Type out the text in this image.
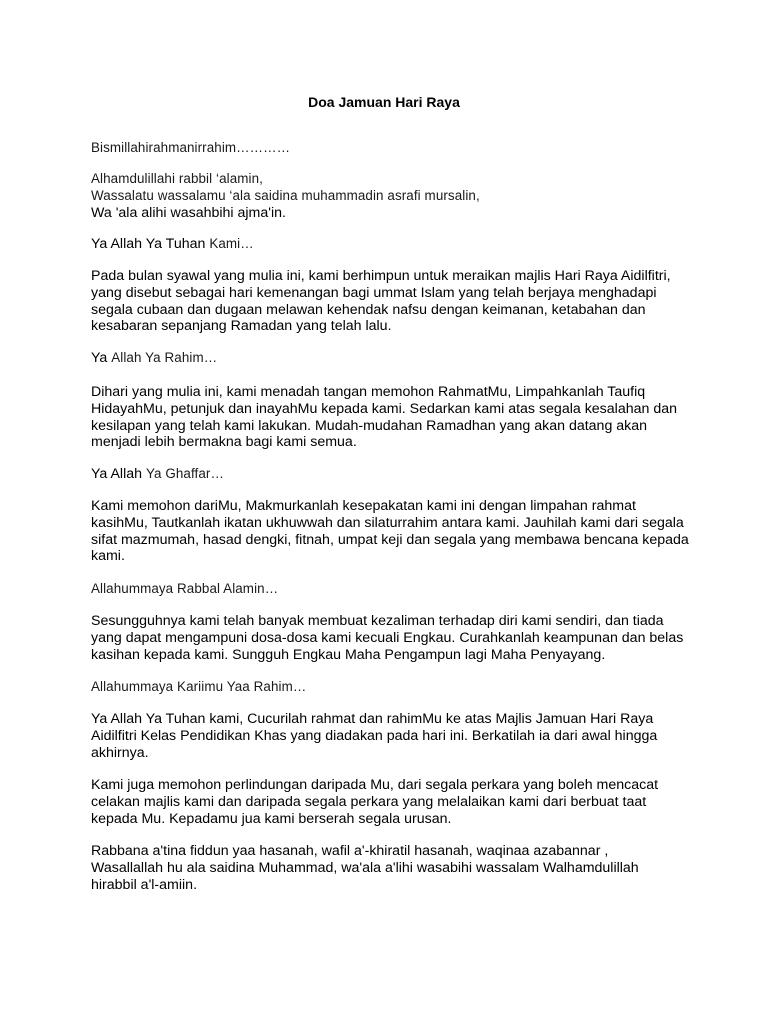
Doa Jamuan Hari Raya
Bismillahirahmanirrahim…………
Alhamdulillahi rabbil ‘alamin,
Wassalatu wassalamu ‘ala saidina muhammadin asrafi mursalin,
Wa 'ala alihi wasahbihi ajma'in.
Ya Allah Ya Tuhan Kami…
Pada bulan syawal yang mulia ini, kami berhimpun untuk meraikan majlis Hari Raya Aidilfitri,
yang disebut sebagai hari kemenangan bagi ummat Islam yang telah berjaya menghadapi
segala cubaan dan dugaan melawan kehendak nafsu dengan keimanan, ketabahan dan
kesabaran sepanjang Ramadan yang telah lalu.
Ya Allah Ya Rahim…
Dihari yang mulia ini, kami menadah tangan memohon RahmatMu, Limpahkanlah Taufiq
HidayahMu, petunjuk dan inayahMu kepada kami. Sedarkan kami atas segala kesalahan dan
kesilapan yang telah kami lakukan. Mudah-mudahan Ramadhan yang akan datang akan
menjadi lebih bermakna bagi kami semua.
Ya Allah Ya Ghaffar…
Kami memohon dariMu, Makmurkanlah kesepakatan kami ini dengan limpahan rahmat
kasihMu, Tautkanlah ikatan ukhuwwah dan silaturrahim antara kami. Jauhilah kami dari segala
sifat mazmumah, hasad dengki, fitnah, umpat keji dan segala yang membawa bencana kepada
kami.
Allahummaya Rabbal Alamin…
Sesungguhnya kami telah banyak membuat kezaliman terhadap diri kami sendiri, dan tiada
yang dapat mengampuni dosa-dosa kami kecuali Engkau. Curahkanlah keampunan dan belas
kasihan kepada kami. Sungguh Engkau Maha Pengampun lagi Maha Penyayang.
Allahummaya Kariimu Yaa Rahim…
Ya Allah Ya Tuhan kami, Cucurilah rahmat dan rahimMu ke atas Majlis Jamuan Hari Raya
Aidilfitri Kelas Pendidikan Khas yang diadakan pada hari ini. Berkatilah ia dari awal hingga
akhirnya.
Kami juga memohon perlindungan daripada Mu, dari segala perkara yang boleh mencacat
celakan majlis kami dan daripada segala perkara yang melalaikan kami dari berbuat taat
kepada Mu. Kepadamu jua kami berserah segala urusan.
Rabbana a'tina fiddun yaa hasanah, wafil a'-khiratil hasanah, waqinaa azabannar ,
Wasallallah hu ala saidina Muhammad, wa'ala a'lihi wasabihi wassalam Walhamdulillah
hirabbil a'l-amiin.
